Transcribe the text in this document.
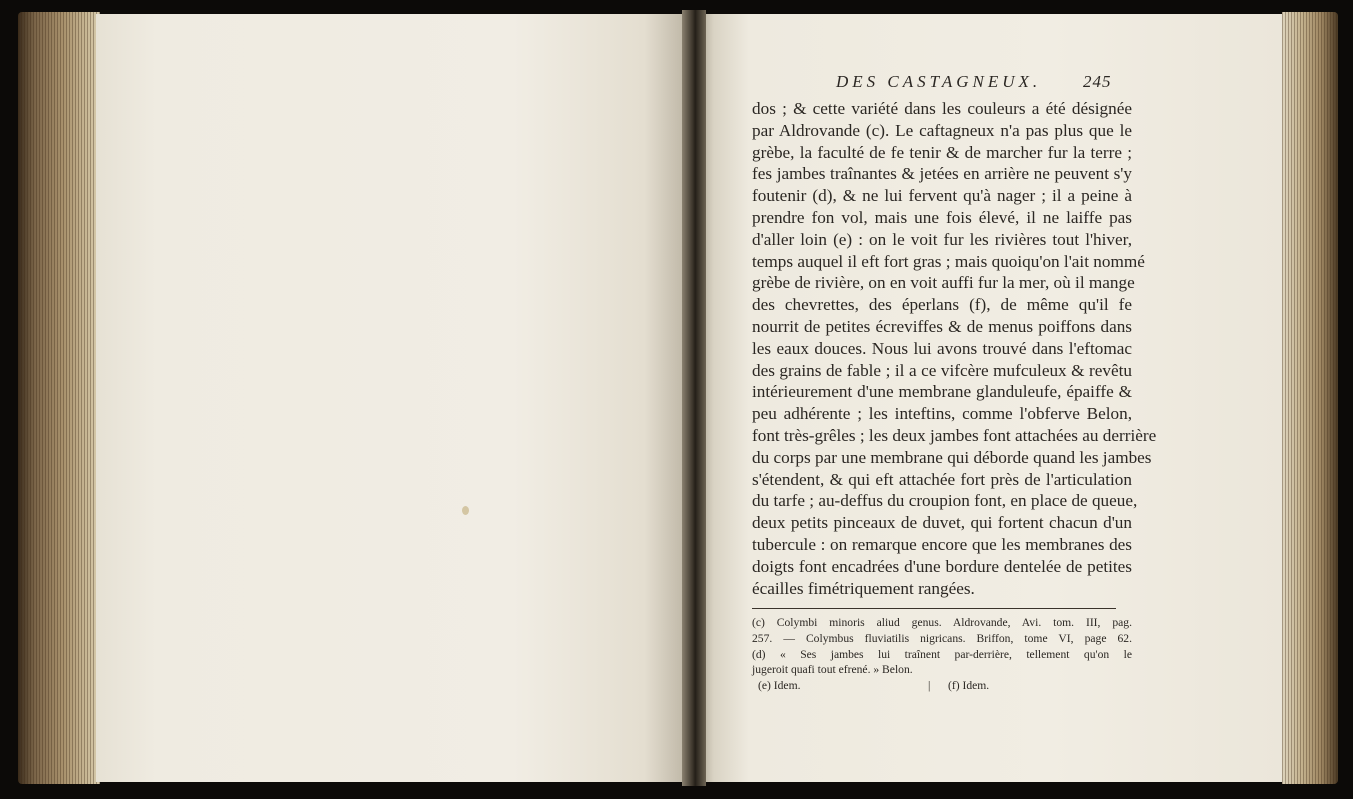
DES CASTAGNEUX. 245
dos ; & cette variété dans les couleurs a été désignée
par Aldrovande (c). Le caftagneux n'a pas plus que le
grèbe, la faculté de fe tenir & de marcher fur la terre ;
fes jambes traînantes & jetées en arrière ne peuvent s'y
foutenir (d), & ne lui fervent qu'à nager ; il a peine à
prendre fon vol, mais une fois élevé, il ne laiffe pas
d'aller loin (e) : on le voit fur les rivières tout l'hiver,
temps auquel il eft fort gras ; mais quoiqu'on l'ait nommé
grèbe de rivière, on en voit auffi fur la mer, où il mange
des chevrettes, des éperlans (f), de même qu'il fe
nourrit de petites écreviffes & de menus poiffons dans
les eaux douces. Nous lui avons trouvé dans l'eftomac
des grains de fable ; il a ce vifcère mufculeux & revêtu
intérieurement d'une membrane glanduleufe, épaiffe &
peu adhérente ; les inteftins, comme l'obferve Belon,
font très-grêles ; les deux jambes font attachées au derrière
du corps par une membrane qui déborde quand les jambes
s'étendent, & qui eft attachée fort près de l'articulation
du tarfe ; au-deffus du croupion font, en place de queue,
deux petits pinceaux de duvet, qui fortent chacun d'un
tubercule : on remarque encore que les membranes des
doigts font encadrées d'une bordure dentelée de petites
écailles fimétriquement rangées.
(c) Colymbi minoris aliud genus. Aldrovande, Avi. tom. III, pag.
257. — Colymbus fluviatilis nigricans. Briffon, tome VI, page 62.
(d) « Ses jambes lui traînent par-derrière, tellement qu'on le
jugeroit quafi tout efrené. » Belon.
(e) Idem.	| (f) Idem.
